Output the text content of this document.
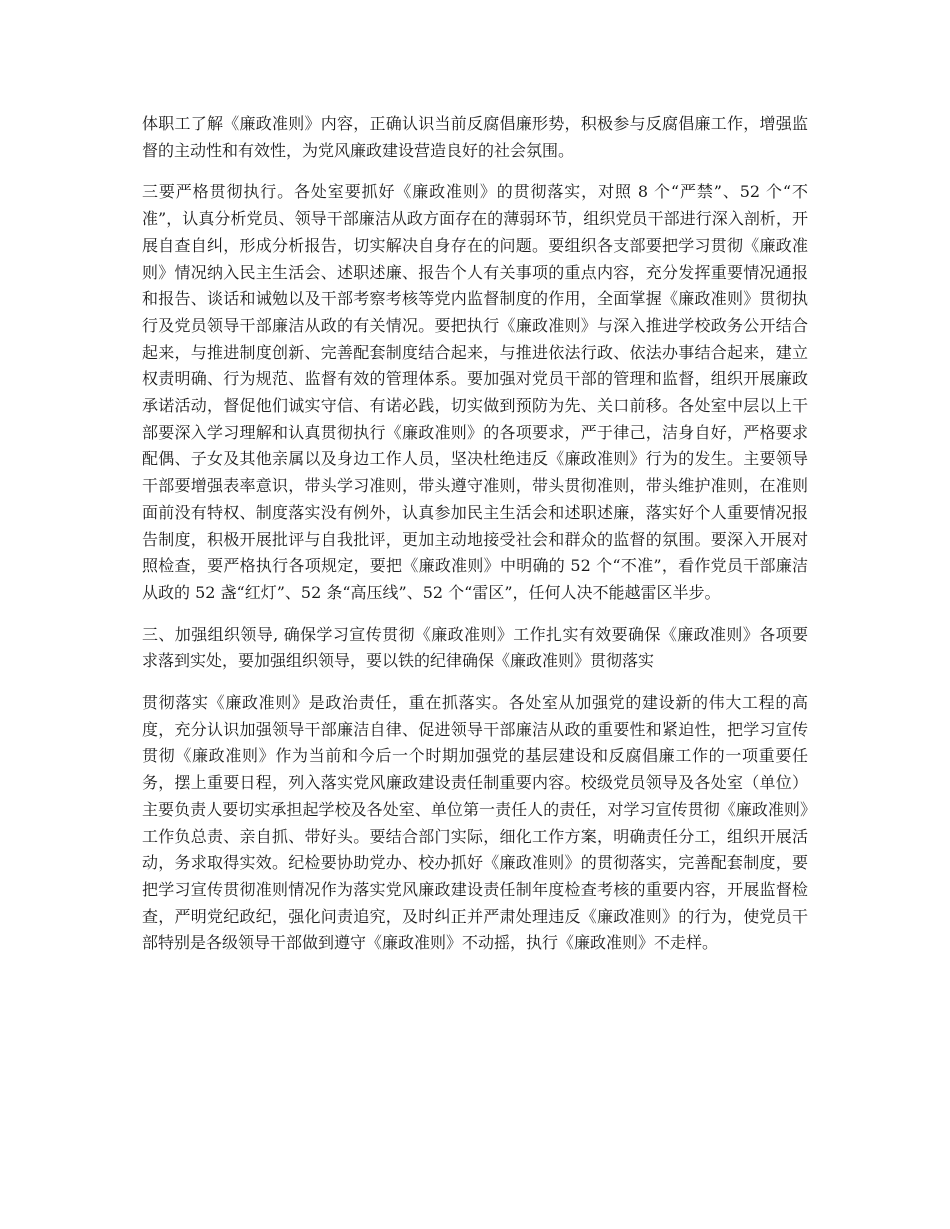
体职工了解《廉政准则》内容，正确认识当前反腐倡廉形势，积极参与反腐倡廉工作，增强监督的主动性和有效性，为党风廉政建设营造良好的社会氛围。

三要严格贯彻执行。各处室要抓好《廉政准则》的贯彻落实，对照 8 个“严禁”、52 个“不准”，认真分析党员、领导干部廉洁从政方面存在的薄弱环节，组织党员干部进行深入剖析，开展自查自纠，形成分析报告，切实解决自身存在的问题。要组织各支部要把学习贯彻《廉政准则》情况纳入民主生活会、述职述廉、报告个人有关事项的重点内容，充分发挥重要情况通报和报告、谈话和诫勉以及干部考察考核等党内监督制度的作用，全面掌握《廉政准则》贯彻执行及党员领导干部廉洁从政的有关情况。要把执行《廉政准则》与深入推进学校政务公开结合起来，与推进制度创新、完善配套制度结合起来，与推进依法行政、依法办事结合起来，建立权责明确、行为规范、监督有效的管理体系。要加强对党员干部的管理和监督，组织开展廉政承诺活动，督促他们诚实守信、有诺必践，切实做到预防为先、关口前移。各处室中层以上干部要深入学习理解和认真贯彻执行《廉政准则》的各项要求，严于律己，洁身自好，严格要求配偶、子女及其他亲属以及身边工作人员，坚决杜绝违反《廉政准则》行为的发生。主要领导干部要增强表率意识，带头学习准则，带头遵守准则，带头贯彻准则，带头维护准则，在准则面前没有特权、制度落实没有例外，认真参加民主生活会和述职述廉，落实好个人重要情况报告制度，积极开展批评与自我批评，更加主动地接受社会和群众的监督的氛围。要深入开展对照检查，要严格执行各项规定，要把《廉政准则》中明确的 52 个“不准”，看作党员干部廉洁从政的 52 盏“红灯”、52 条“高压线”、52 个“雷区”，任何人决不能越雷区半步。

三、加强组织领导, 确保学习宣传贯彻《廉政准则》工作扎实有效要确保《廉政准则》各项要求落到实处，要加强组织领导，要以铁的纪律确保《廉政准则》贯彻落实

贯彻落实《廉政准则》是政治责任，重在抓落实。各处室从加强党的建设新的伟大工程的高度，充分认识加强领导干部廉洁自律、促进领导干部廉洁从政的重要性和紧迫性，把学习宣传贯彻《廉政准则》作为当前和今后一个时期加强党的基层建设和反腐倡廉工作的一项重要任务，摆上重要日程，列入落实党风廉政建设责任制重要内容。校级党员领导及各处室（单位）主要负责人要切实承担起学校及各处室、单位第一责任人的责任，对学习宣传贯彻《廉政准则》工作负总责、亲自抓、带好头。要结合部门实际，细化工作方案，明确责任分工，组织开展活动，务求取得实效。纪检要协助党办、校办抓好《廉政准则》的贯彻落实，完善配套制度，要把学习宣传贯彻准则情况作为落实党风廉政建设责任制年度检查考核的重要内容，开展监督检查，严明党纪政纪，强化问责追究，及时纠正并严肃处理违反《廉政准则》的行为，使党员干部特别是各级领导干部做到遵守《廉政准则》不动摇，执行《廉政准则》不走样。
